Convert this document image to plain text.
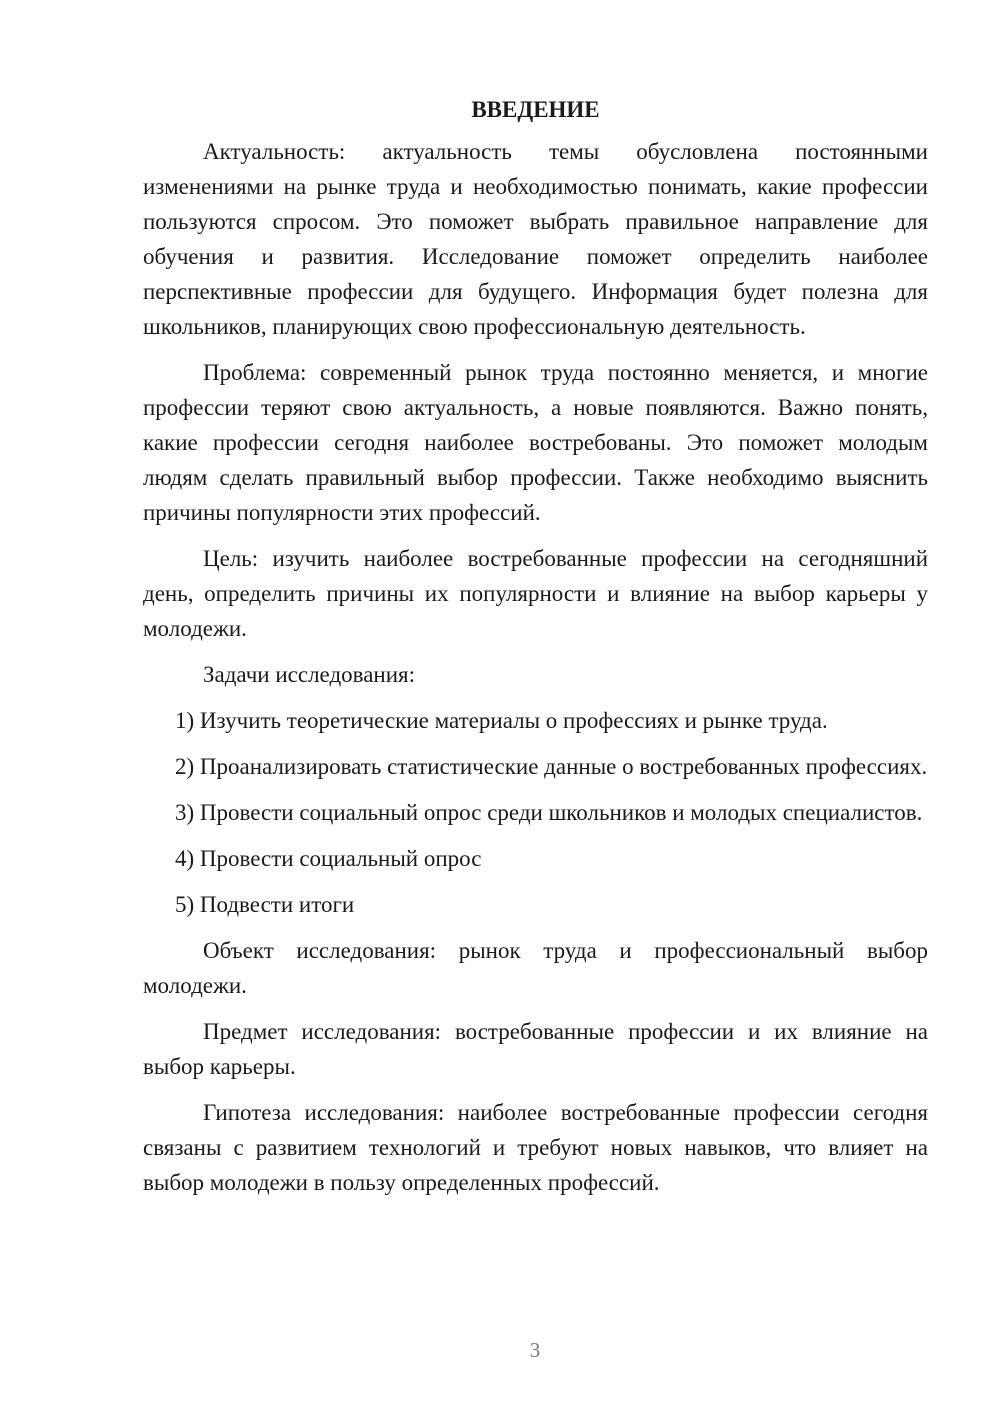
ВВЕДЕНИЕ

Актуальность: актуальность темы обусловлена постоянными изменениями на рынке труда и необходимостью понимать, какие профессии пользуются спросом. Это поможет выбрать правильное направление для обучения и развития. Исследование поможет определить наиболее перспективные профессии для будущего. Информация будет полезна для школьников, планирующих свою профессиональную деятельность.

Проблема: современный рынок труда постоянно меняется, и многие профессии теряют свою актуальность, а новые появляются. Важно понять, какие профессии сегодня наиболее востребованы. Это поможет молодым людям сделать правильный выбор профессии. Также необходимо выяснить причины популярности этих профессий.

Цель: изучить наиболее востребованные профессии на сегодняшний день, определить причины их популярности и влияние на выбор карьеры у молодежи.

Задачи исследования:

1) Изучить теоретические материалы о профессиях и рынке труда.

2) Проанализировать статистические данные о востребованных профессиях.

3) Провести социальный опрос среди школьников и молодых специалистов.

4) Провести социальный опрос

5) Подвести итоги

Объект исследования: рынок труда и профессиональный выбор молодежи.

Предмет исследования: востребованные профессии и их влияние на выбор карьеры.

Гипотеза исследования: наиболее востребованные профессии сегодня связаны с развитием технологий и требуют новых навыков, что влияет на выбор молодежи в пользу определенных профессий.

3
